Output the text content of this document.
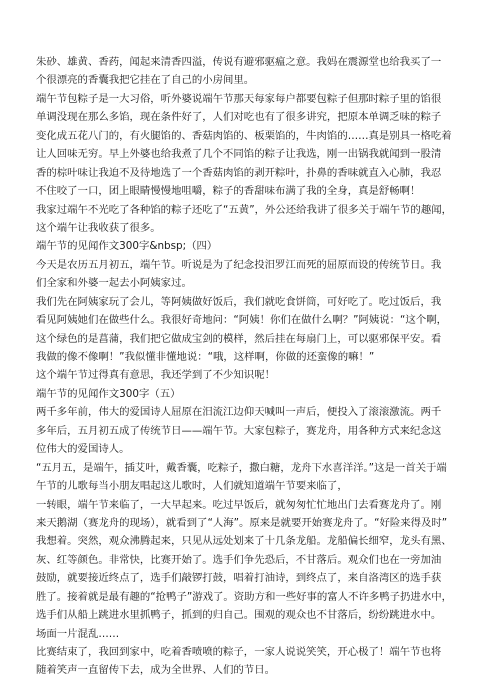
朱砂、雄黄、香药，闻起来清香四溢，传说有避邪驱瘟之意。我妈在震源堂也给我买了一
个很漂亮的香囊我把它挂在了自己的小房间里。
端午节包粽子是一大习俗，听外婆说端午节那天每家每户都要包粽子但那时粽子里的馅很
单调没现在那么多馅，现在条件好了，人们对吃也有了很多讲究，把原本单调乏味的粽子
变化成五花八门的，有火腿馅的、香菇肉馅的、板栗馅的，牛肉馅的……真是别具一格吃着
让人回味无穷。早上外婆也给我煮了几个不同馅的粽子让我选，刚一出锅我就闻到一股清
香的棕叶味让我迫不及待地选了一个香菇肉馅的剥开粽叶，扑鼻的香味就直入心肺，我忍
不住咬了一口，团上眼睛慢慢地咀嚼，粽子的香甜味布满了我的全身，真是舒畅啊！
我家过端午不光吃了各种馅的粽子还吃了“五黄”，外公还给我讲了很多关于端午节的趣闻，
这个端午让我收获了很多。
端午节的见闻作文300字&nbsp;（四）
今天是农历五月初五，端午节。听说是为了纪念投汨罗江而死的屈原而设的传统节日。我
们全家和外婆一起去小阿姨家过。
我们先在阿姨家玩了会儿，等阿姨做好饭后，我们就吃食饼筒，可好吃了。吃过饭后，我
看见阿姨她们在做些什么。我很好奇地问：“阿姨！你们在做什么啊？”阿姨说：“这个啊，
这个绿色的是菖蒲，我们把它做成宝剑的模样，然后挂在每扇门上，可以驱邪保平安。看
我做的像不像啊！”我似懂非懂地说：“哦，这样啊，你做的还蛮像的嘛！”
这个端午节过得真有意思，我还学到了不少知识呢！
端午节的见闻作文300字（五）
两千多年前，伟大的爱国诗人屈原在汨流江边仰天喊叫一声后，便投入了滚滚激流。两千
多年后，五月初五成了传统节日——端午节。大家包粽子，赛龙舟，用各种方式来纪念这
位伟大的爱国诗人。
“五月五，是端午，插艾叶，戴香囊，吃粽子，撒白糖，龙舟下水喜洋洋。”这是一首关于端
午节的儿歌每当小朋友唱起这儿歌时，人们就知道端午节要来临了，
一转眼，端午节来临了，一大早起来。吃过早饭后，就匆匆忙忙地出门去看赛龙舟了。刚
来天鹅湖（赛龙舟的现场），就看到了“人海”。原来是就要开始赛龙舟了。“好险来得及时”
我想着。突然，观众沸腾起来，只见从远处划来了十几条龙船。龙船偏长细窄，龙头有黑、
灰、红等颜色。非常快，比赛开始了。选手们争先恐后，不甘落后。观众们也在一旁加油
鼓励，就要接近终点了，选手们敲锣打鼓，唱着打油诗，到终点了，来自洛湾区的选手获
胜了。接着就是最有趣的“抢鸭子”游戏了。资助方和一些好事的富人不许多鸭子扔进水中，
选手们从船上跳进水里抓鸭子，抓到的归自己。围观的观众也不甘落后，纷纷跳进水中。
场面一片混乱……
比赛结束了，我回到家中，吃着香喷喷的粽子，一家人说说笑笑，开心极了！端午节也将
随着笑声一直留传下去，成为全世界、人们的节日。
